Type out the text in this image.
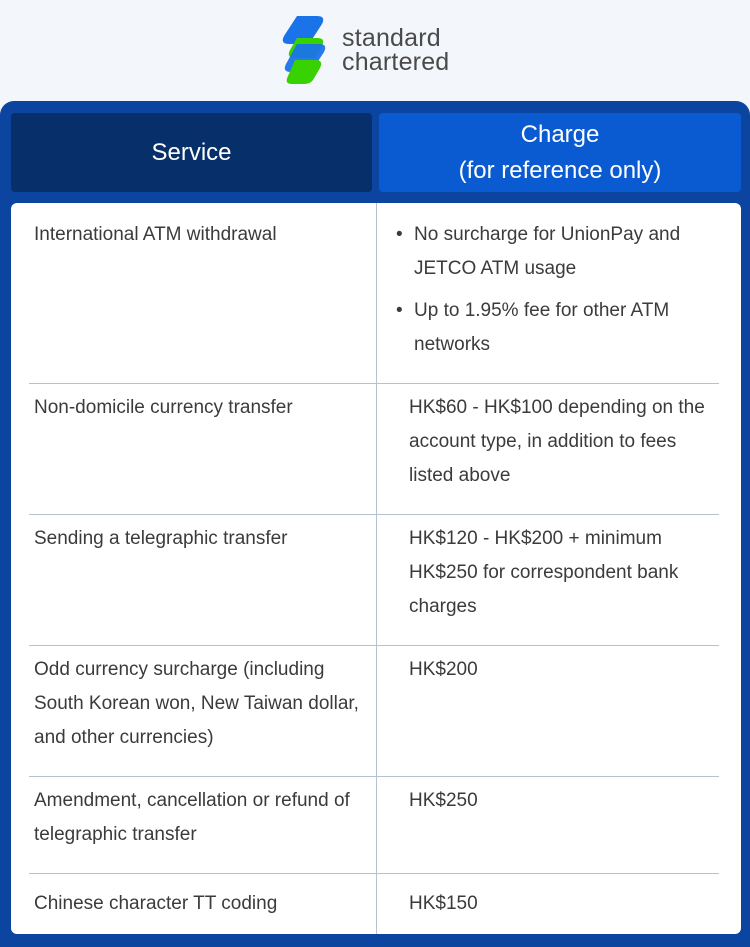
standard
chartered
Service
Charge
(for reference only)
International ATM withdrawal
•	No surcharge for UnionPay and JETCO ATM usage
• Up to 1.95% fee for other ATM networks
Non-domicile currency transfer	HK$60 - HK$100 depending on the account type, in addition to fees listed above
Sending a telegraphic transfer	HK$120 - HK$200 + minimum HK$250 for correspondent bank charges
Odd currency surcharge (including South Korean won, New Taiwan dollar, and other currencies)
HK$200
Amendment, cancellation or refund of telegraphic transfer
HK$250
Chinese character TT coding	HK$150
